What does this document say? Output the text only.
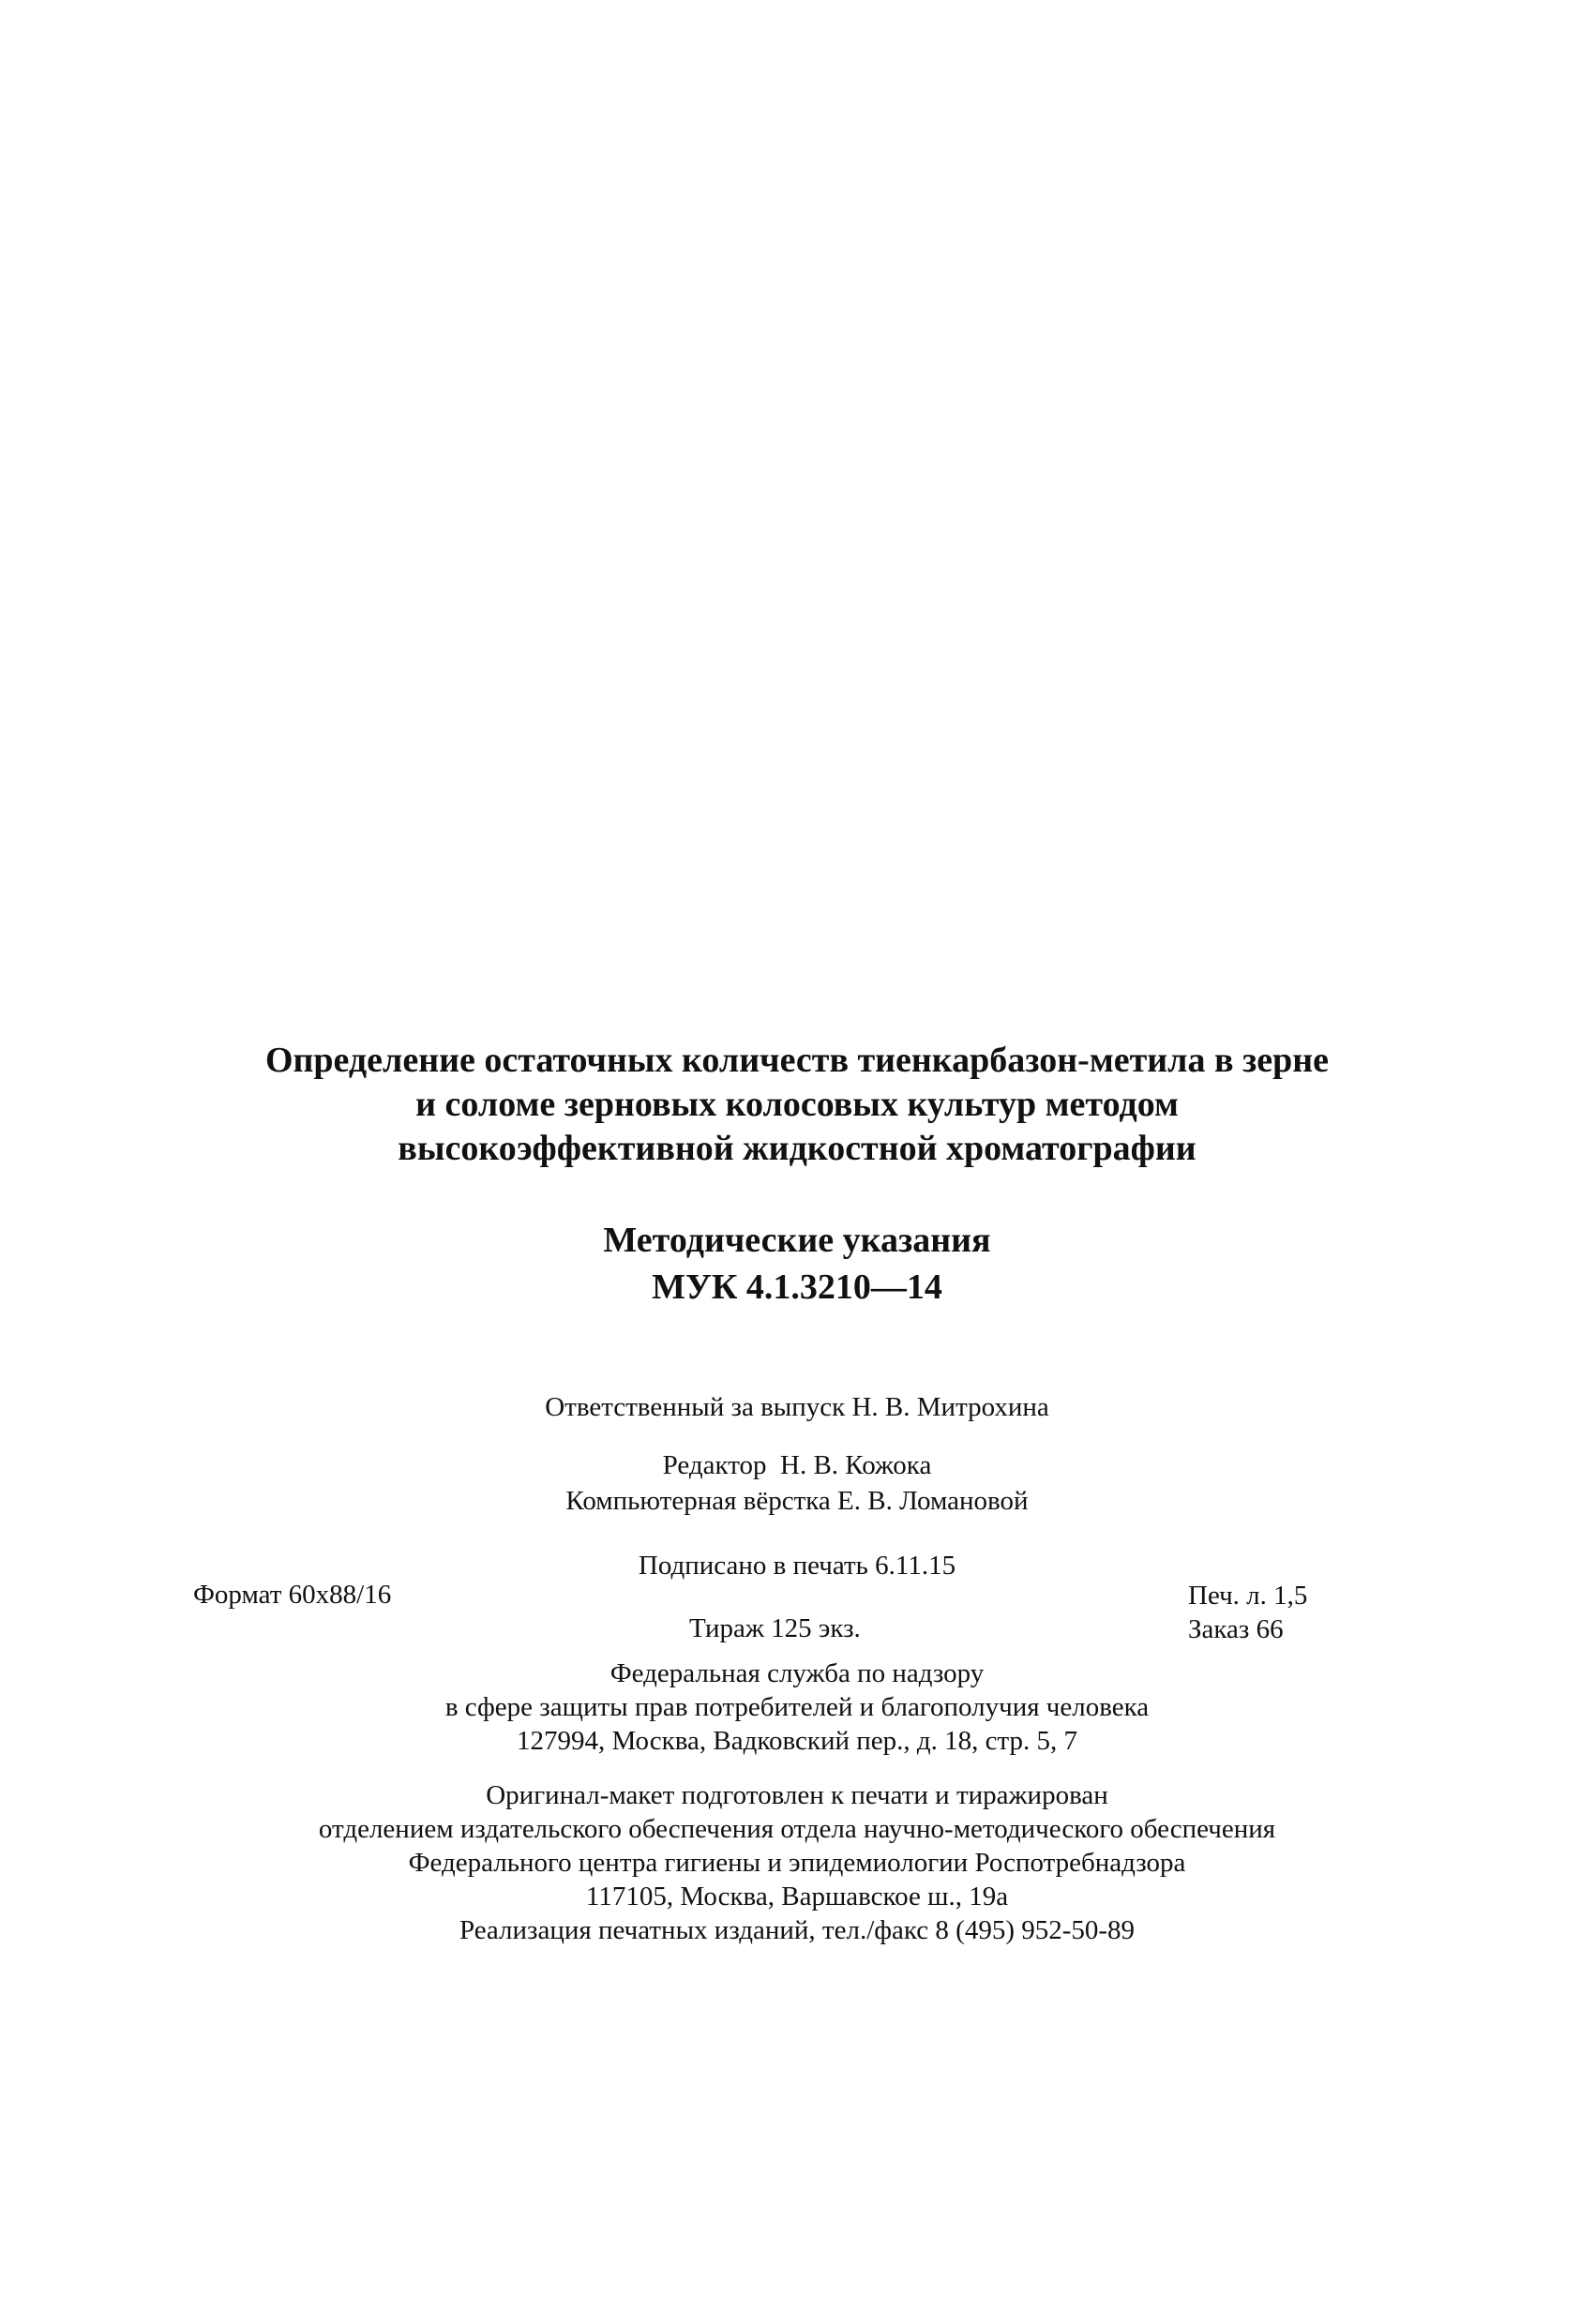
Определение остаточных количеств тиенкарбазон-метила в зерне
и соломе зерновых колосовых культур методом
высокоэффективной жидкостной хроматографии
Методические указания
МУК 4.1.3210—14
Ответственный за выпуск Н. В. Митрохина
Редактор  Н. В. Кожока
Компьютерная вёрстка Е. В. Ломановой
Подписано в печать 6.11.15
Формат 60х88/16	Печ. л. 1,5
Тираж 125 экз.	Заказ 66
Федеральная служба по надзору
в сфере защиты прав потребителей и благополучия человека
127994, Москва, Вадковский пер., д. 18, стр. 5, 7
Оригинал-макет подготовлен к печати и тиражирован
отделением издательского обеспечения отдела научно-методического обеспечения
Федерального центра гигиены и эпидемиологии Роспотребнадзора
117105, Москва, Варшавское ш., 19а
Реализация печатных изданий, тел./факс 8 (495) 952-50-89
